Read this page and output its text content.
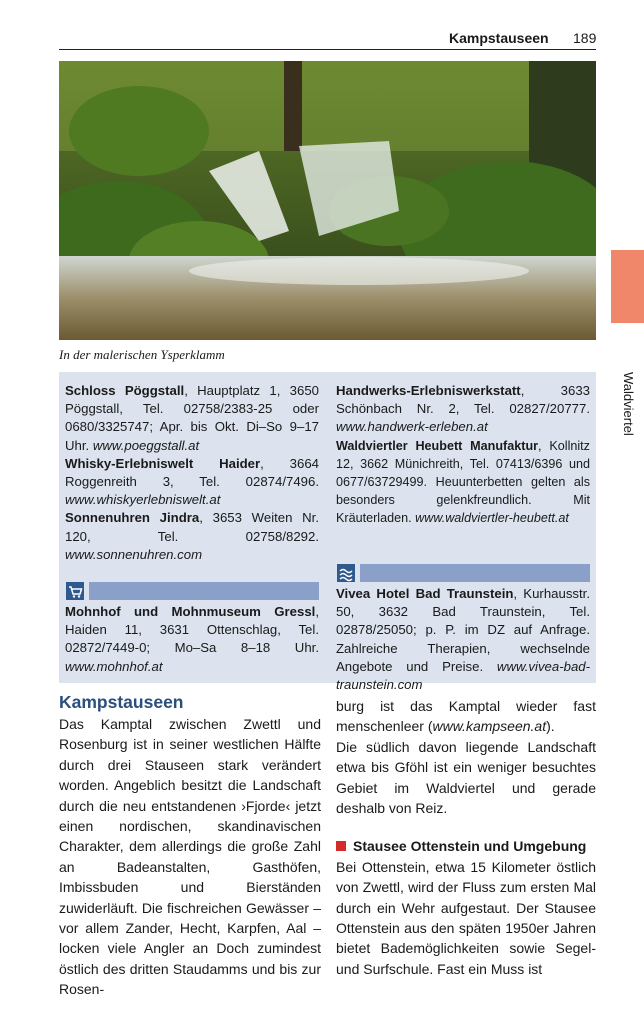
Kampstauseen 189
In der malerischen Ysperklamm
Waldviertel

Schloss Pöggstall, Hauptplatz 1, 3650 Pöggstall, Tel. 02758/2383-25 oder 0680/3325747; Apr. bis Okt. Di–So 9–17 Uhr. www.poeggstall.at

Whisky-Erlebniswelt Haider, 3664 Roggenreith 3, Tel. 02874/7496. www.whiskyerlebniswelt.at

Sonnenuhren Jindra, 3653 Weiten Nr. 120, Tel. 02758/8292. www.sonnenuhren.com

Mohnhof und Mohnmuseum Gressl, Haiden 11, 3631 Ottenschlag, Tel. 02872/7449-0; Mo–Sa 8–18 Uhr. www.mohnhof.at

Handwerks-Erlebniswerkstatt, 3633 Schönbach Nr. 2, Tel. 02827/20777. www.handwerk-erleben.at

Waldviertler Heubett Manufaktur, Kollnitz 12, 3662 Münichreith, Tel. 07413/6396 und 0677/63729499. Heuunterbetten gelten als besonders gelenkfreundlich. Mit Kräuterladen. www.waldviertler-heubett.at

Vivea Hotel Bad Traunstein, Kurhausstr. 50, 3632 Bad Traunstein, Tel. 02878/25050; p. P. im DZ auf Anfrage. Zahlreiche Therapien, wechselnde Angebote und Preise. www.vivea-bad-traunstein.com

Kampstauseen

Das Kamptal zwischen Zwettl und Rosenburg ist in seiner westlichen Hälfte durch drei Stauseen stark verändert worden. Angeblich besitzt die Landschaft durch die neu entstandenen ›Fjorde‹ jetzt einen nordischen, skandinavischen Charakter, dem allerdings die große Zahl an Badeanstalten, Gasthöfen, Imbissbuden und Bierständen zuwiderläuft. Die fischreichen Gewässer – vor allem Zander, Hecht, Karpfen, Aal – locken viele Angler an Doch zumindest östlich des dritten Staudamms und bis zur Rosen-

burg ist das Kamptal wieder fast menschenleer (www.kampseen.at).

Die südlich davon liegende Landschaft etwa bis Gföhl ist ein weniger besuchtes Gebiet im Waldviertel und gerade deshalb von Reiz.

Stausee Ottenstein und Umgebung

Bei Ottenstein, etwa 15 Kilometer östlich von Zwettl, wird der Fluss zum ersten Mal durch ein Wehr aufgestaut. Der Stausee Ottenstein aus den späten 1950er Jahren bietet Bademöglichkeiten sowie Segel- und Surfschule. Fast ein Muss ist
